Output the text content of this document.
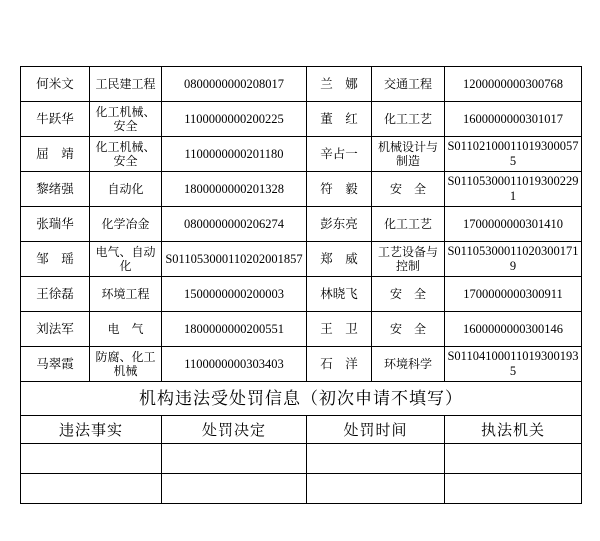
何米文	工民建工程	0800000000208017	兰　娜	交通工程	1200000000300768
牛跃华	化工机械、安全	1100000000200225	董　红	化工工艺	1600000000301017
屈　靖	化工机械、安全	1100000000201180	辛占一	机械设计与制造	S011021000110193000575
黎绪强	自动化	1800000000201328	符　毅	安　全	S011053000110193002291
张瑞华	化学冶金	0800000000206274	彭东亮	化工工艺	1700000000301410
邹　瑶	电气、自动化	S011053000110202001857	郑　威	工艺设备与控制	S011053000110203001719
王徐磊	环境工程	1500000000200003	林晓飞	安　全	1700000000300911
刘法军	电　气	1800000000200551	王　卫	安　全	1600000000300146
马翠霞	防腐、化工机械	1100000000303403	石　洋	环境科学	S011041000110193001935
机构违法受处罚信息（初次申请不填写）					
违法事实		处罚决定	处罚时间		执法机关
